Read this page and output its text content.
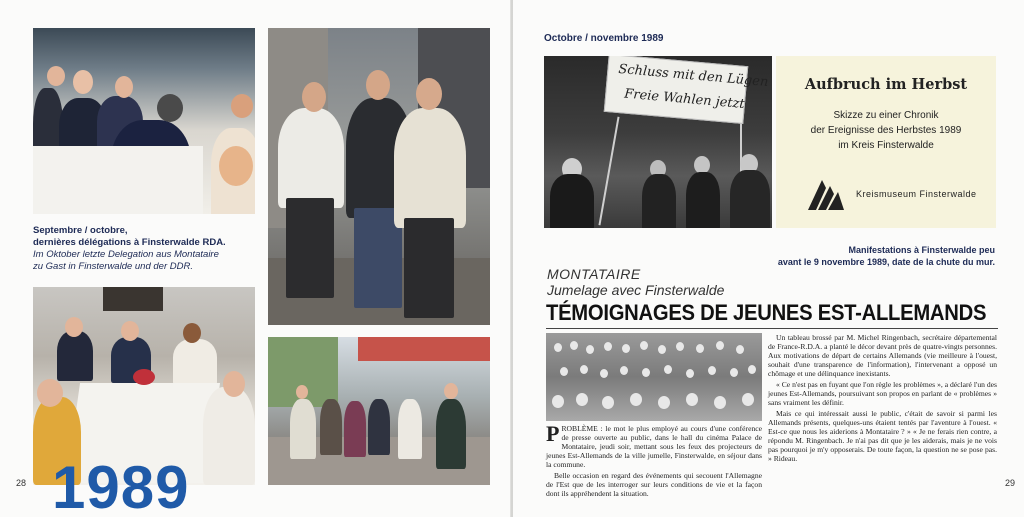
Septembre / octobre,
dernières délégations à Finsterwalde RDA.
Im Oktober letzte Delegation aus Montataire
zu Gast in Finsterwalde und der DDR.
1989
28
Octobre / novembre 1989
Schluss mit den Lügen
Freie Wahlen jetzt
Aufbruch im Herbst
Skizze zu einer Chronik
der Ereignisse des Herbstes 1989
im Kreis Finsterwalde
Kreismuseum Finsterwalde
Manifestations à Finsterwalde peu
avant le 9 novembre 1989, date de la chute du mur.
MONTATAIRE
Jumelage avec Finsterwalde
TÉMOIGNAGES DE JEUNES EST-ALLEMANDS

PROBLÈME : le mot le plus employé au cours d'une conférence de presse ouverte au public, dans le hall du cinéma Palace de Montataire, jeudi soir, mettant sous les feux des projecteurs de jeunes Est-Allemands de la ville jumelle, Finsterwalde, en séjour dans la commune.

Belle occasion en regard des événements qui secouent l'Allemagne de l'Est que de les interroger sur leurs conditions de vie et la façon dont ils appréhendent la situation.

Un tableau brossé par M. Michel Ringenbach, secrétaire départemental de France-R.D.A. a planté le décor devant près de quatre-vingts personnes. Aux motivations de départ de certains Allemands (vie meilleure à l'ouest, souhait d'une transparence de l'information), l'intervenant a opposé un chômage et une délinquance inexistants.

« Ce n'est pas en fuyant que l'on règle les problèmes », a déclaré l'un des jeunes Est-Allemands, poursuivant son propos en parlant de « problèmes » sans vraiment les définir.

Mais ce qui intéressait aussi le public, c'était de savoir si parmi les Allemands présents, quelques-uns étaient tentés par l'aventure à l'ouest. « Est-ce que nous les aiderions à Montataire ? » « Je ne ferais rien contre, a répondu M. Ringenbach. Je n'ai pas dit que je les aiderais, mais je ne vois pas pourquoi je m'y opposerais. De toute façon, la question ne se pose pas. » Rideau.

29
